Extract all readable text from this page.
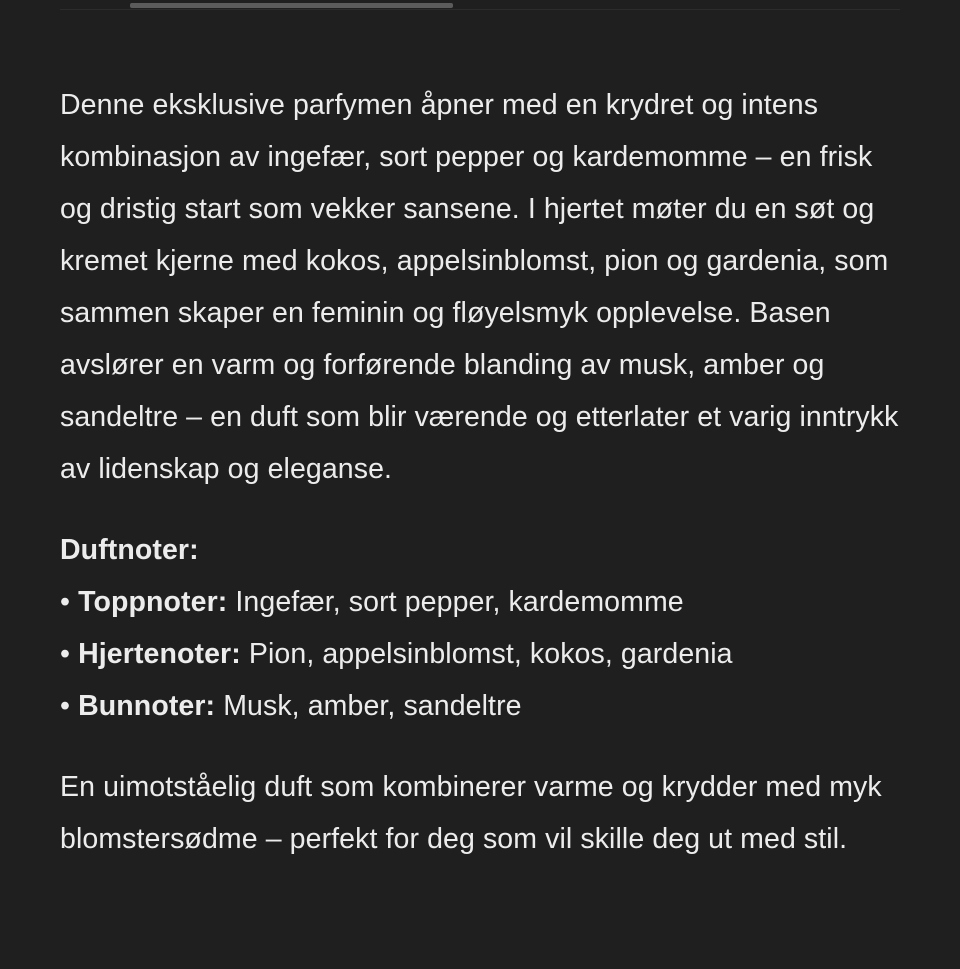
Denne eksklusive parfymen åpner med en krydret og intens kombinasjon av ingefær, sort pepper og kardemomme – en frisk og dristig start som vekker sansene. I hjertet møter du en søt og kremet kjerne med kokos, appelsinblomst, pion og gardenia, som sammen skaper en feminin og fløyelsmyk opplevelse. Basen avslører en varm og forførende blanding av musk, amber og sandeltre – en duft som blir værende og etterlater et varig inntrykk av lidenskap og eleganse.

Duftnoter:
• Toppnoter: Ingefær, sort pepper, kardemomme
• Hjertenoter: Pion, appelsinblomst, kokos, gardenia
• Bunnoter: Musk, amber, sandeltre

En uimotståelig duft som kombinerer varme og krydder med myk blomstersødme – perfekt for deg som vil skille deg ut med stil.
